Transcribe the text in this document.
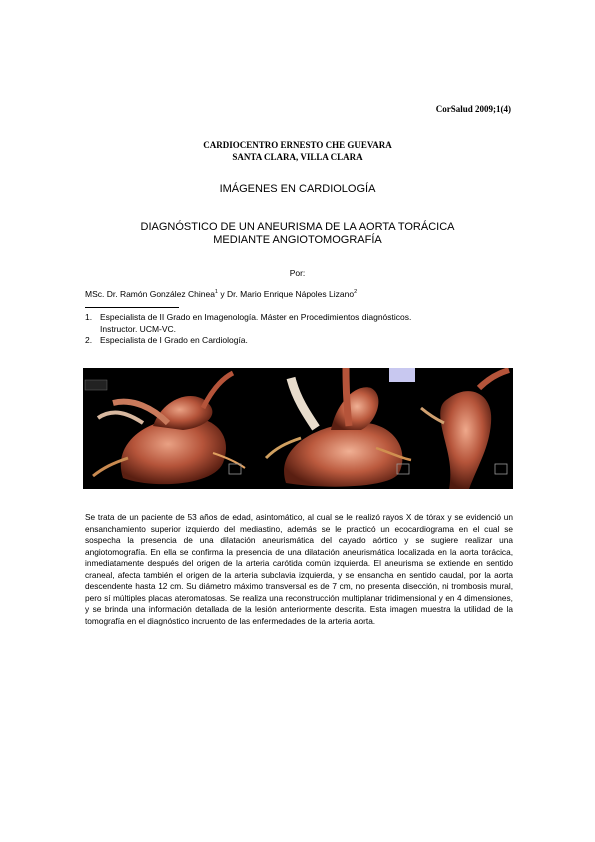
CorSalud 2009;1(4)
CARDIOCENTRO ERNESTO CHE GUEVARA
SANTA CLARA, VILLA CLARA
IMÁGENES EN CARDIOLOGÍA
DIAGNÓSTICO DE UN ANEURISMA DE LA AORTA TORÁCICA
MEDIANTE ANGIOTOMOGRAFÍA
Por:
MSc. Dr. Ramón González Chinea$^1$ y Dr. Mario Enrique Nápoles Lizano$^2$
1. Especialista de II Grado en Imagenología. Máster en Procedimientos diagnósticos.
Instructor. UCM-VC.
2. Especialista de I Grado en Cardiología.
Se trata de un paciente de 53 años de edad, asintomático, al cual se le realizó rayos X de tórax y se evidenció un ensanchamiento superior izquierdo del mediastino, además se le practicó un ecocardiograma en el cual se sospecha la presencia de una dilatación aneurismática del cayado aórtico y se sugiere realizar una angiotomografía. En ella se confirma la presencia de una dilatación aneurismática localizada en la aorta torácica, inmediatamente después del origen de la arteria carótida común izquierda. El aneurisma se extiende en sentido craneal, afecta también el origen de la arteria subclavia izquierda, y se ensancha en sentido caudal, por la aorta descendente hasta 12 cm. Su diámetro máximo transversal es de 7 cm, no presenta disección, ni trombosis mural, pero sí múltiples placas ateromatosas. Se realiza una reconstrucción multiplanar tridimensional y en 4 dimensiones, y se brinda una información detallada de la lesión anteriormente descrita. Esta imagen muestra la utilidad de la tomografía en el diagnóstico incruento de las enfermedades de la arteria aorta.
